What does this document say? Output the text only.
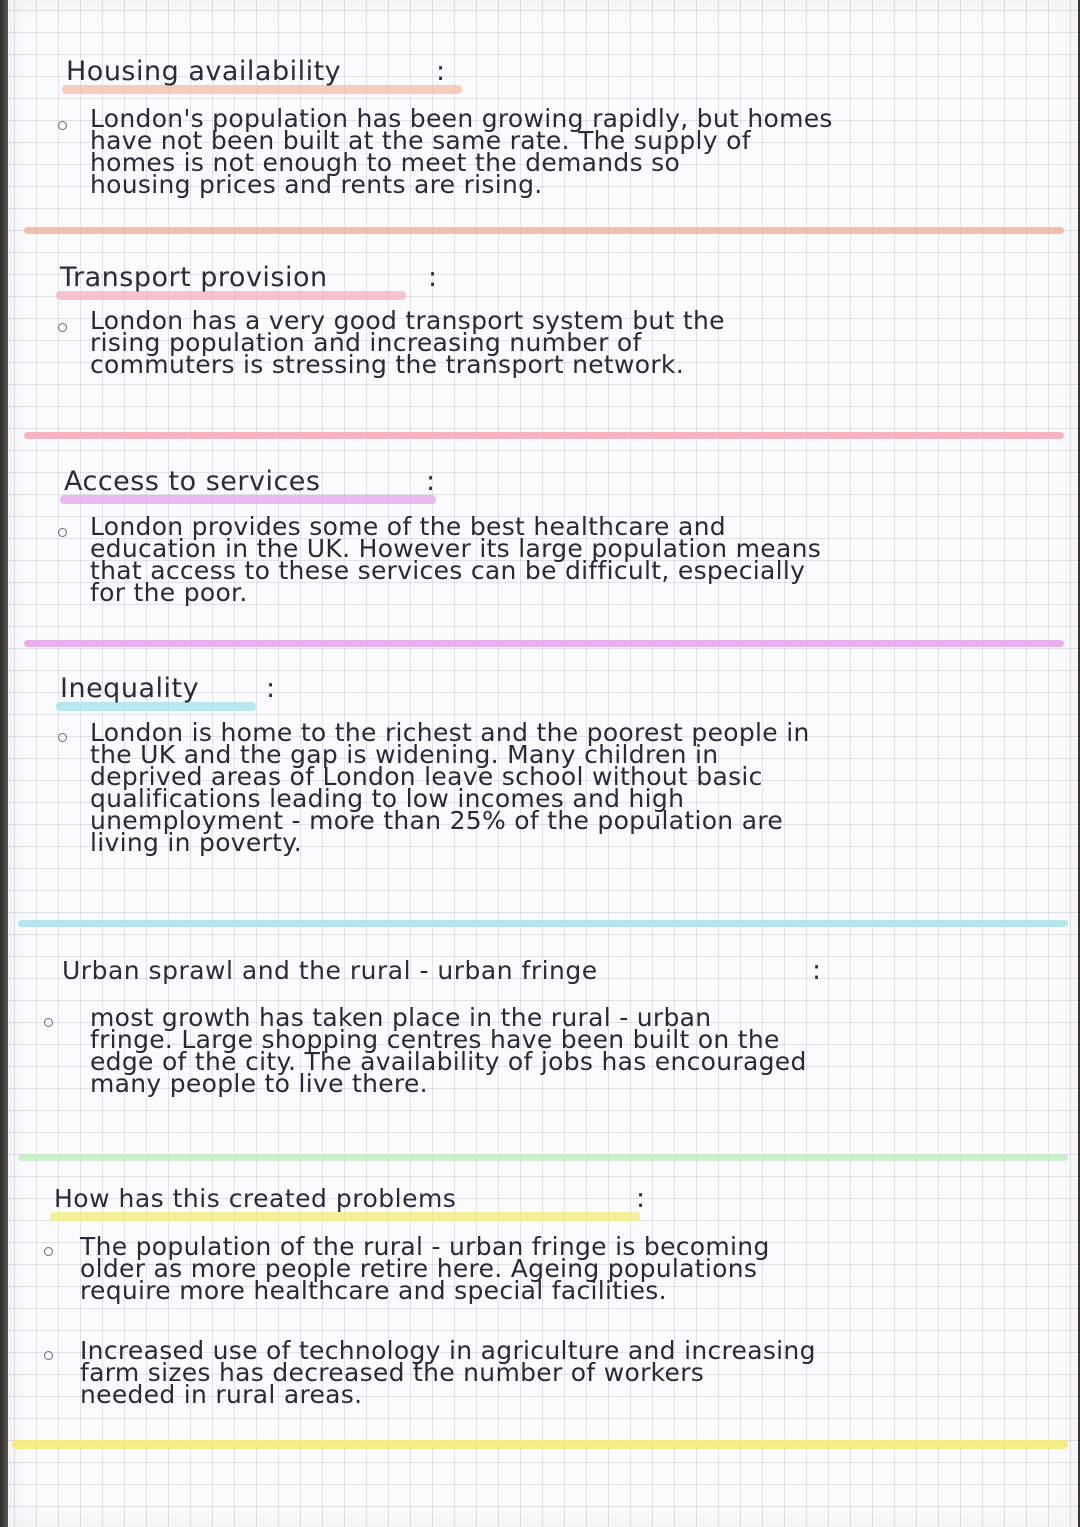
Housing availability	:
London's population has been growing rapidly, but homes
have not been built at the same rate. The supply of
homes is not enough to meet the demands so
housing prices and rents are rising.
Transport provision	:
London has a very good transport system but the
rising population and increasing number of
commuters is stressing the transport network.
Access to services	:
London provides some of the best healthcare and
education in the UK. However its large population means
that access to these services can be difficult, especially
for the poor.
Inequality :
London is home to the richest and the poorest people in
the UK and the gap is widening. Many children in
deprived areas of London leave school without basic
qualifications leading to low incomes and high
unemployment - more than 25% of the population are
living in poverty.
Urban sprawl and the rural - urban fringe	:
most growth has taken place in the rural - urban
fringe. Large shopping centres have been built on the
edge of the city. The availability of jobs has encouraged
many people to live there.
How has this created problems	:
The population of the rural - urban fringe is becoming
older as more people retire here. Ageing populations
require more healthcare and special facilities.
Increased use of technology in agriculture and increasing
farm sizes has decreased the number of workers
needed in rural areas.
